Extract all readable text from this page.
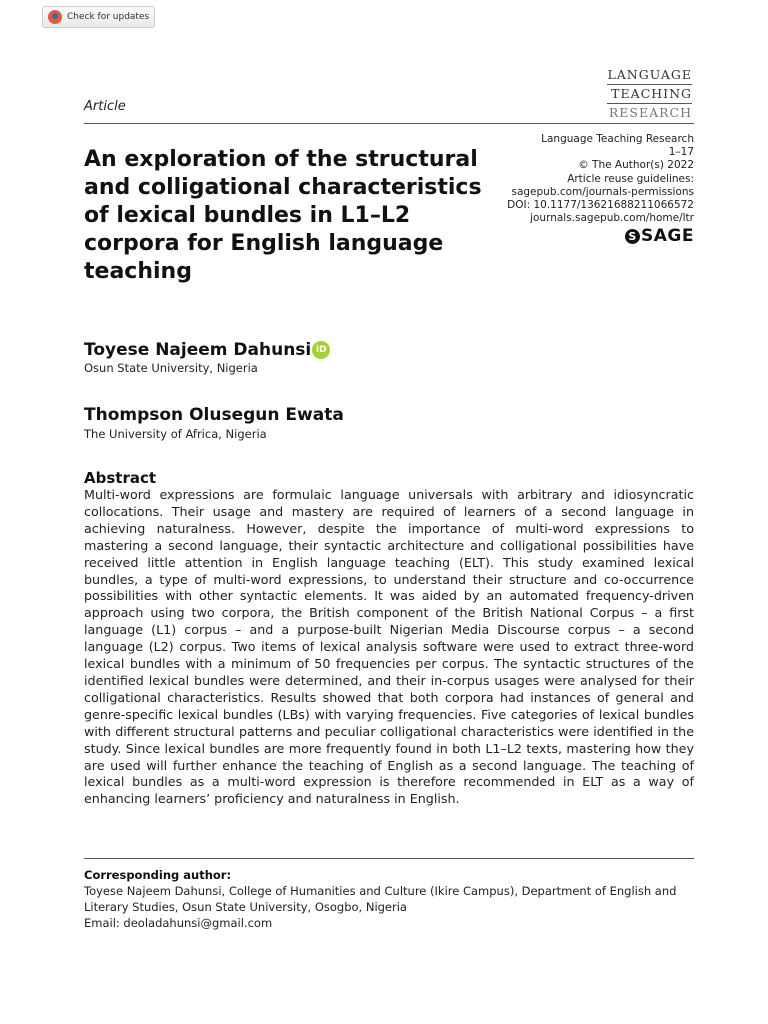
Check for updates
LANGUAGE
TEACHING
RESEARCH
Article
Language Teaching Research
1–17
© The Author(s) 2022
Article reuse guidelines:
sagepub.com/journals-permissions
DOI: 10.1177/13621688211066572
journals.sagepub.com/home/ltr
S SAGE
An exploration of the structural and colligational characteristics of lexical bundles in L1–L2 corpora for English language teaching
Toyese Najeem Dahunsi iD
Osun State University, Nigeria
Thompson Olusegun Ewata
The University of Africa, Nigeria
Abstract

Multi-word expressions are formulaic language universals with arbitrary and idiosyncratic collocations. Their usage and mastery are required of learners of a second language in achieving naturalness. However, despite the importance of multi-word expressions to mastering a second language, their syntactic architecture and colligational possibilities have received little attention in English language teaching (ELT). This study examined lexical bundles, a type of multi-word expressions, to understand their structure and co-occurrence possibilities with other syntactic elements. It was aided by an automated frequency-driven approach using two corpora, the British component of the British National Corpus – a first language (L1) corpus – and a purpose-built Nigerian Media Discourse corpus – a second language (L2) corpus. Two items of lexical analysis software were used to extract three-word lexical bundles with a minimum of 50 frequencies per corpus. The syntactic structures of the identified lexical bundles were determined, and their in-corpus usages were analysed for their colligational characteristics. Results showed that both corpora had instances of general and genre-specific lexical bundles (LBs) with varying frequencies. Five categories of lexical bundles with different structural patterns and peculiar colligational characteristics were identified in the study. Since lexical bundles are more frequently found in both L1–L2 texts, mastering how they are used will further enhance the teaching of English as a second language. The teaching of lexical bundles as a multi-word expression is therefore recommended in ELT as a way of enhancing learners’ proficiency and naturalness in English.

Corresponding author:
Toyese Najeem Dahunsi, College of Humanities and Culture (Ikire Campus), Department of English and Literary Studies, Osun State University, Osogbo, Nigeria
Email: deoladahunsi@gmail.com
